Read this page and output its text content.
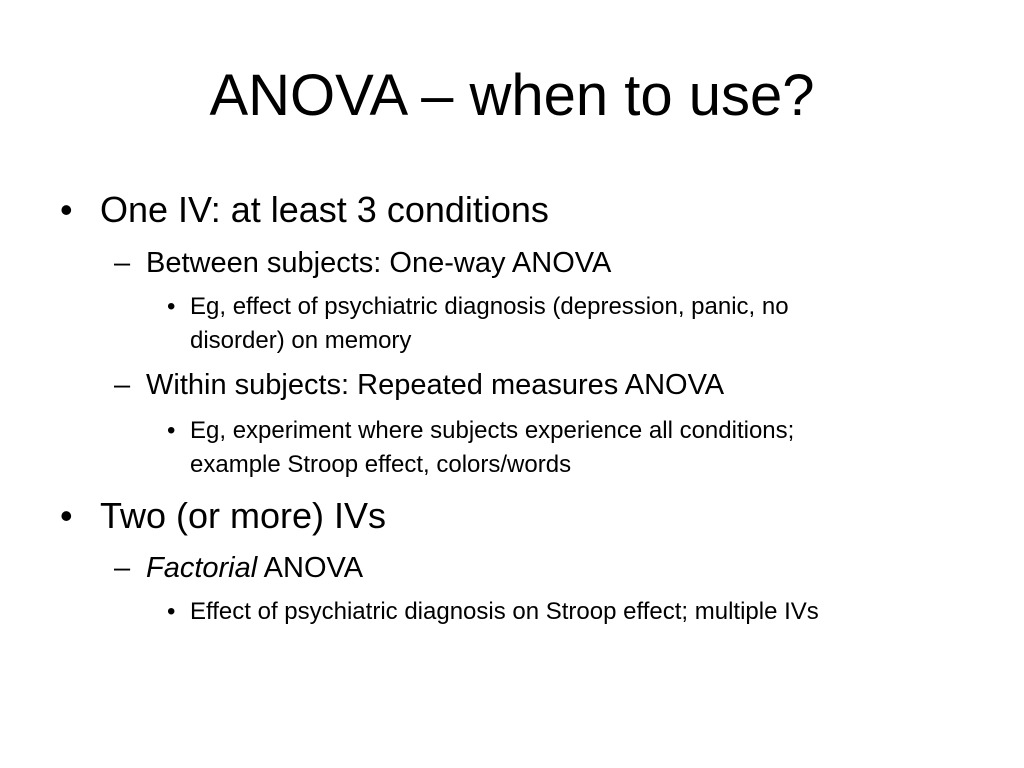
ANOVA – when to use?
• One IV: at least 3 conditions
– Between subjects: One-way ANOVA
• Eg, effect of psychiatric diagnosis (depression, panic, no
disorder) on memory
– Within subjects: Repeated measures ANOVA
• Eg, experiment where subjects experience all conditions;
example Stroop effect, colors/words
• Two (or more) IVs
– Factorial ANOVA
• Effect of psychiatric diagnosis on Stroop effect; multiple IVs
